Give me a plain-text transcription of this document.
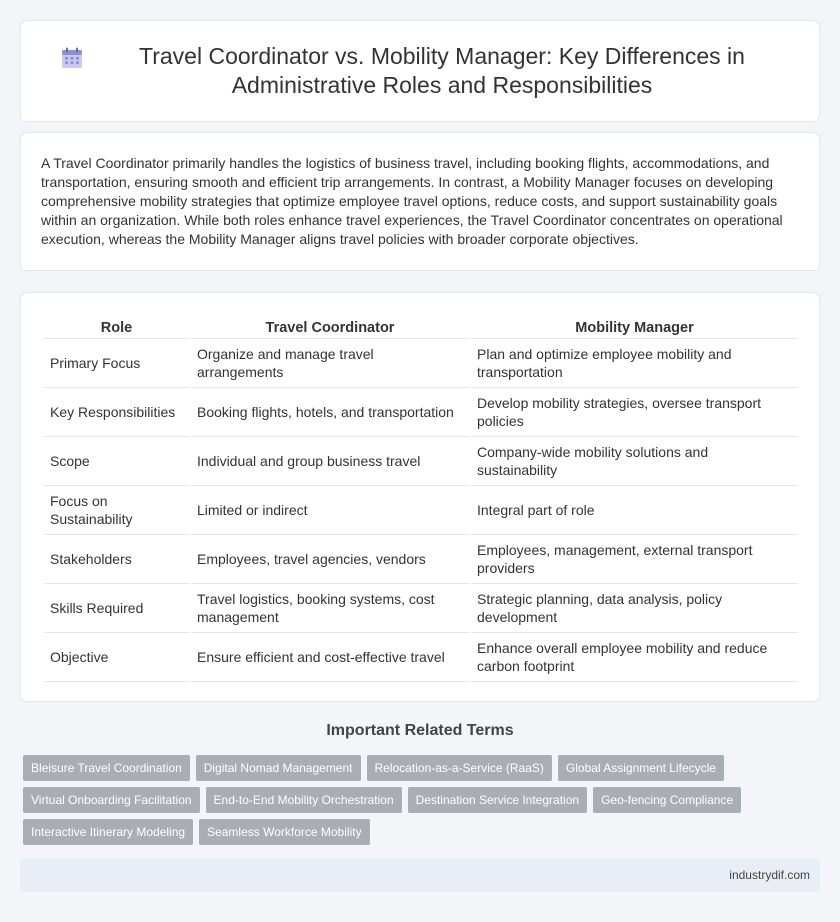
Travel Coordinator vs. Mobility Manager: Key Differences in Administrative Roles and Responsibilities

A Travel Coordinator primarily handles the logistics of business travel, including booking flights, accommodations, and transportation, ensuring smooth and efficient trip arrangements. In contrast, a Mobility Manager focuses on developing comprehensive mobility strategies that optimize employee travel options, reduce costs, and support sustainability goals within an organization. While both roles enhance travel experiences, the Travel Coordinator concentrates on operational execution, whereas the Mobility Manager aligns travel policies with broader corporate objectives.

Role	Travel Coordinator	Mobility Manager
Primary Focus	Organize and manage travel arrangements	Plan and optimize employee mobility and transportation
Key Responsibilities	Booking flights, hotels, and transportation	Develop mobility strategies, oversee transport policies
Scope	Individual and group business travel	Company-wide mobility solutions and sustainability
Focus on Sustainability	Limited or indirect	Integral part of role
Stakeholders	Employees, travel agencies, vendors	Employees, management, external transport providers
Skills Required	Travel logistics, booking systems, cost management	Strategic planning, data analysis, policy development
Objective	Ensure efficient and cost-effective travel	Enhance overall employee mobility and reduce carbon footprint
Important Related Terms
Bleisure Travel Coordination	Digital Nomad Management	Relocation-as-a-Service (RaaS)	Global Assignment Lifecycle
Virtual Onboarding Facilitation	End-to-End Mobility Orchestration	Destination Service Integration	Geo-fencing Compliance
Interactive Itinerary Modeling	Seamless Workforce Mobility
industrydif.com
